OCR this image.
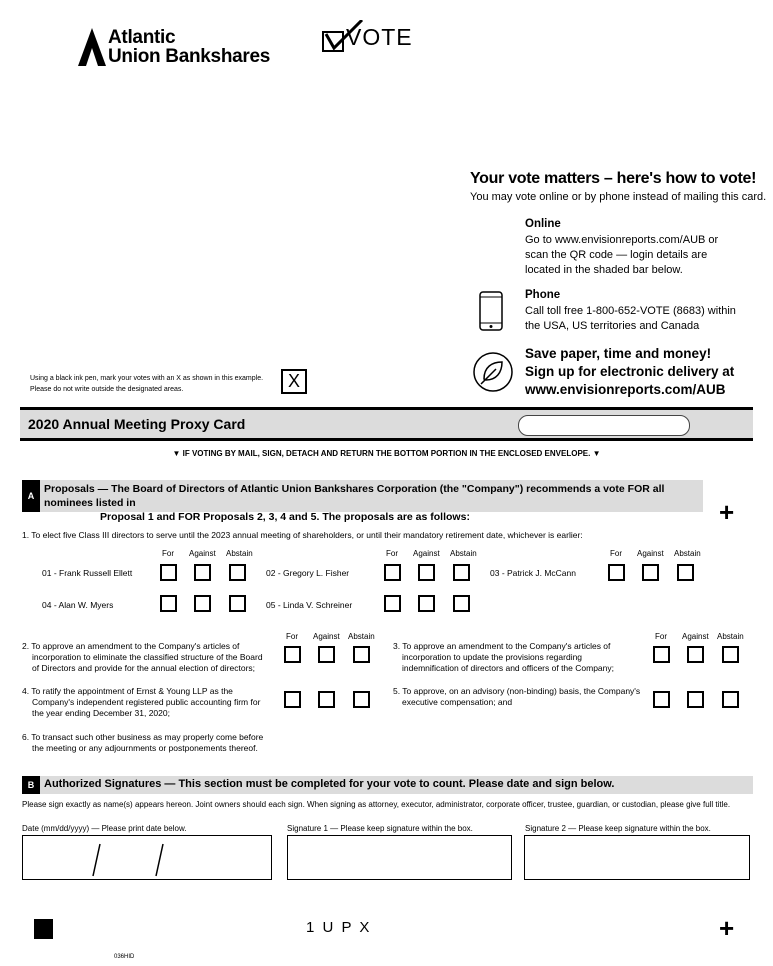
Atlantic
Union Bankshares
VOTE
Your vote matters – here's how to vote!
You may vote online or by phone instead of mailing this card.
Online
Go to www.envisionreports.com/AUB or
scan the QR code — login details are
located in the shaded bar below.
Phone
Call toll free 1-800-652-VOTE (8683) within
the USA, US territories and Canada
Save paper, time and money!
Sign up for electronic delivery at
www.envisionreports.com/AUB
Using a black ink pen, mark your votes with an X as shown in this example.
Please do not write outside the designated areas.	X
2020 Annual Meeting Proxy Card
▼ IF VOTING BY MAIL, SIGN, DETACH AND RETURN THE BOTTOM PORTION IN THE ENCLOSED ENVELOPE. ▼
A
Proposals — The Board of Directors of Atlantic Union Bankshares Corporation (the "Company") recommends a vote FOR all nominees listed in
Proposal 1 and FOR Proposals 2, 3, 4 and 5. The proposals are as follows:	+
1. To elect five Class III directors to serve until the 2023 annual meeting of shareholders, or until their mandatory retirement date, whichever is earlier:
For Against Abstain	For Against Abstain	For Against Abstain
01 - Frank Russell Ellett	02 - Gregory L. Fisher	03 - Patrick J. McCann
04 - Alan W. Myers	05 - Linda V. Schreiner
For Against Abstain	For Against Abstain
2. To approve an amendment to the Company's articles of
incorporation to eliminate the classified structure of the Board
of Directors and provide for the annual election of directors;
3. To approve an amendment to the Company's articles of
incorporation to update the provisions regarding
indemnification of directors and officers of the Company;
4. To ratify the appointment of Ernst & Young LLP as the
Company's independent registered public accounting firm for
the year ending December 31, 2020;
5. To approve, on an advisory (non-binding) basis, the Company's
executive compensation; and
6. To transact such other business as may properly come before
the meeting or any adjournments or postponements thereof.
B Authorized Signatures — This section must be completed for your vote to count. Please date and sign below.
Please sign exactly as name(s) appears hereon. Joint owners should each sign. When signing as attorney, executor, administrator, corporate officer, trustee, guardian, or custodian, please give full title.
Date (mm/dd/yyyy) — Please print date below.	Signature 1 — Please keep signature within the box.	Signature 2 — Please keep signature within the box.
1 U P X	+
036HID
